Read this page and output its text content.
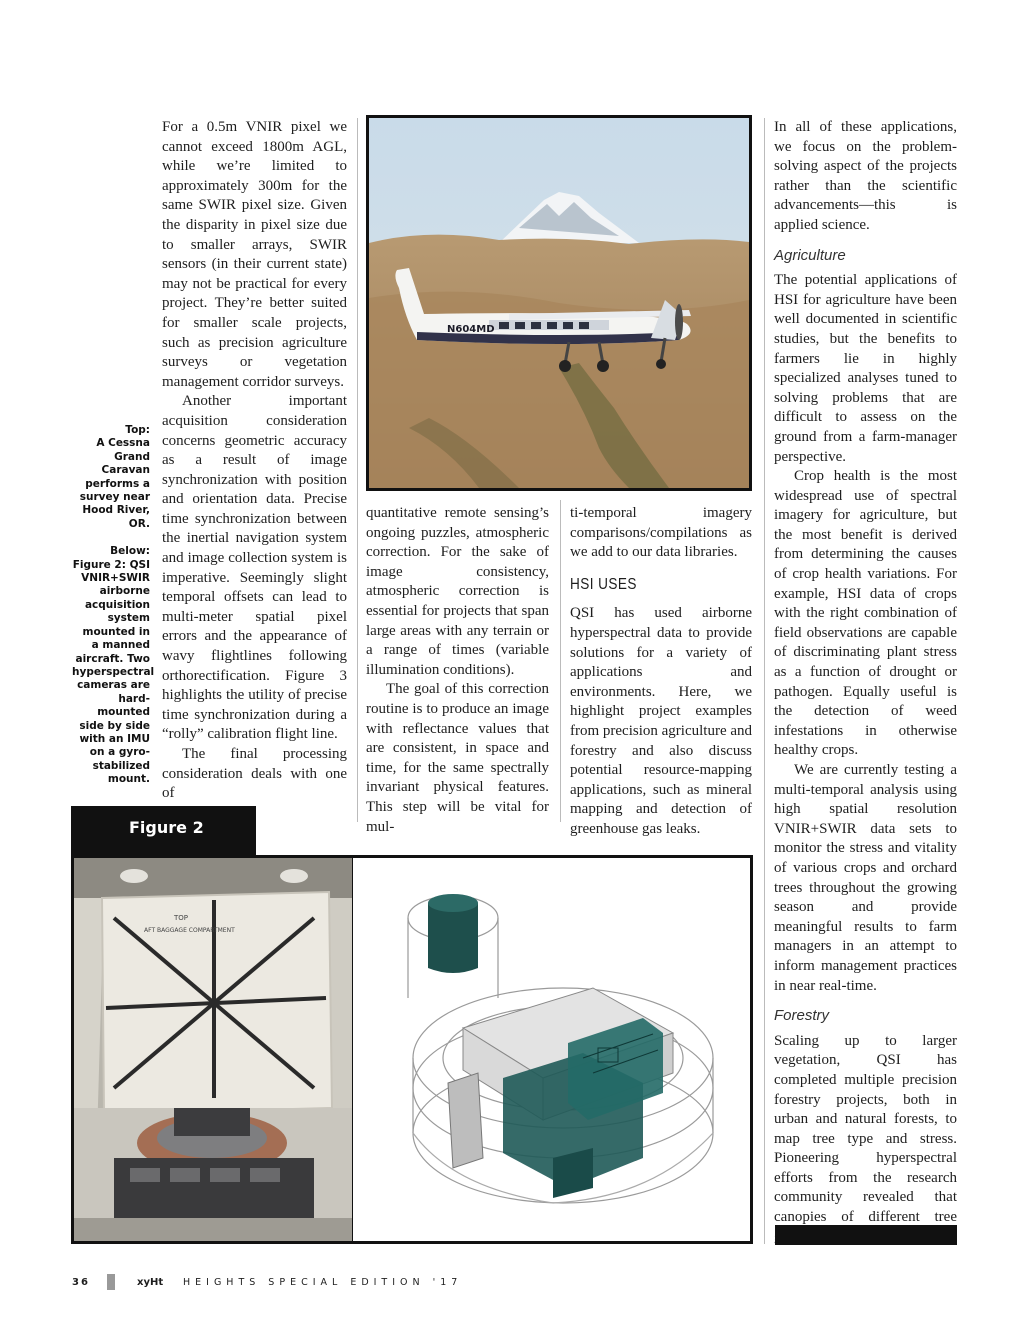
Top:

A Cessna Grand Caravan performs a survey near Hood River, OR.

Below:

Figure 2: QSI VNIR+SWIR airborne acquisition system mounted in a manned aircraft. Two hyperspectral cameras are hard-mounted side by side with an IMU on a gyro-stabilized mount.

For a 0.5m VNIR pixel we cannot exceed 1800m AGL, while we’re limited to approximately 300m for the same SWIR pixel size. Given the disparity in pixel size due to smaller arrays, SWIR sensors (in their current state) may not be practical for every project. They’re better suited for smaller scale projects, such as precision agriculture surveys or vegetation management corridor surveys.

Another important acquisition consideration concerns geometric accuracy as a result of image synchronization with position and orientation data. Precise time synchronization between the inertial navigation system and image collection system is imperative. Seemingly slight temporal offsets can lead to multi-meter spatial pixel errors and the appearance of wavy flightlines following orthorectification. Figure 3 highlights the utility of precise time synchronization during a “rolly” calibration flight line.

The final processing consideration deals with one of

N604MD

quantitative remote sensing’s ongoing puzzles, atmospheric correction. For the sake of image consistency, atmospheric correction is essential for projects that span large areas with any terrain or a range of times (variable illumination conditions).

The goal of this correction routine is to produce an image with reflectance values that are consistent, in space and time, for the same spectrally invariant physical features. This step will be vital for mul-

ti-temporal imagery comparisons/compilations as we add to our data libraries.

HSI USES

QSI has used airborne hyperspectral data to provide solutions for a variety of applications and environments. Here, we highlight project examples from precision agriculture and forestry and also discuss potential resource-mapping applications, such as mineral mapping and detection of greenhouse gas leaks.

In all of these applications, we focus on the problem-solving aspect of the projects rather than the scientific advancements—this is applied science.

Agriculture

The potential applications of HSI for agriculture have been well documented in scientific studies, but the benefits to farmers lie in highly specialized analyses tuned to solving problems that are difficult to assess on the ground from a farm-manager perspective.

Crop health is the most widespread use of spectral imagery for agriculture, but the most benefit is derived from determining the causes of crop health variations. For example, HSI data of crops with the right combination of field observations are capable of discriminating plant stress as a function of drought or pathogen. Equally useful is the detection of weed infestations in otherwise healthy crops.

We are currently testing a multi-temporal analysis using high spatial resolution VNIR+SWIR data sets to monitor the stress and vitality of various crops and orchard trees throughout the growing season and provide meaningful results to farm managers in an attempt to inform management practices in near real-time.

Forestry

Scaling up to larger vegetation, QSI has completed multiple precision forestry projects, both in urban and natural forests, to map tree type and stress. Pioneering hyperspectral efforts from the research community revealed that canopies of different tree

Figure 2
TOP
AFT BAGGAGE COMPARTMENT
36	xyHt HEIGHTS SPECIAL EDITION '17
